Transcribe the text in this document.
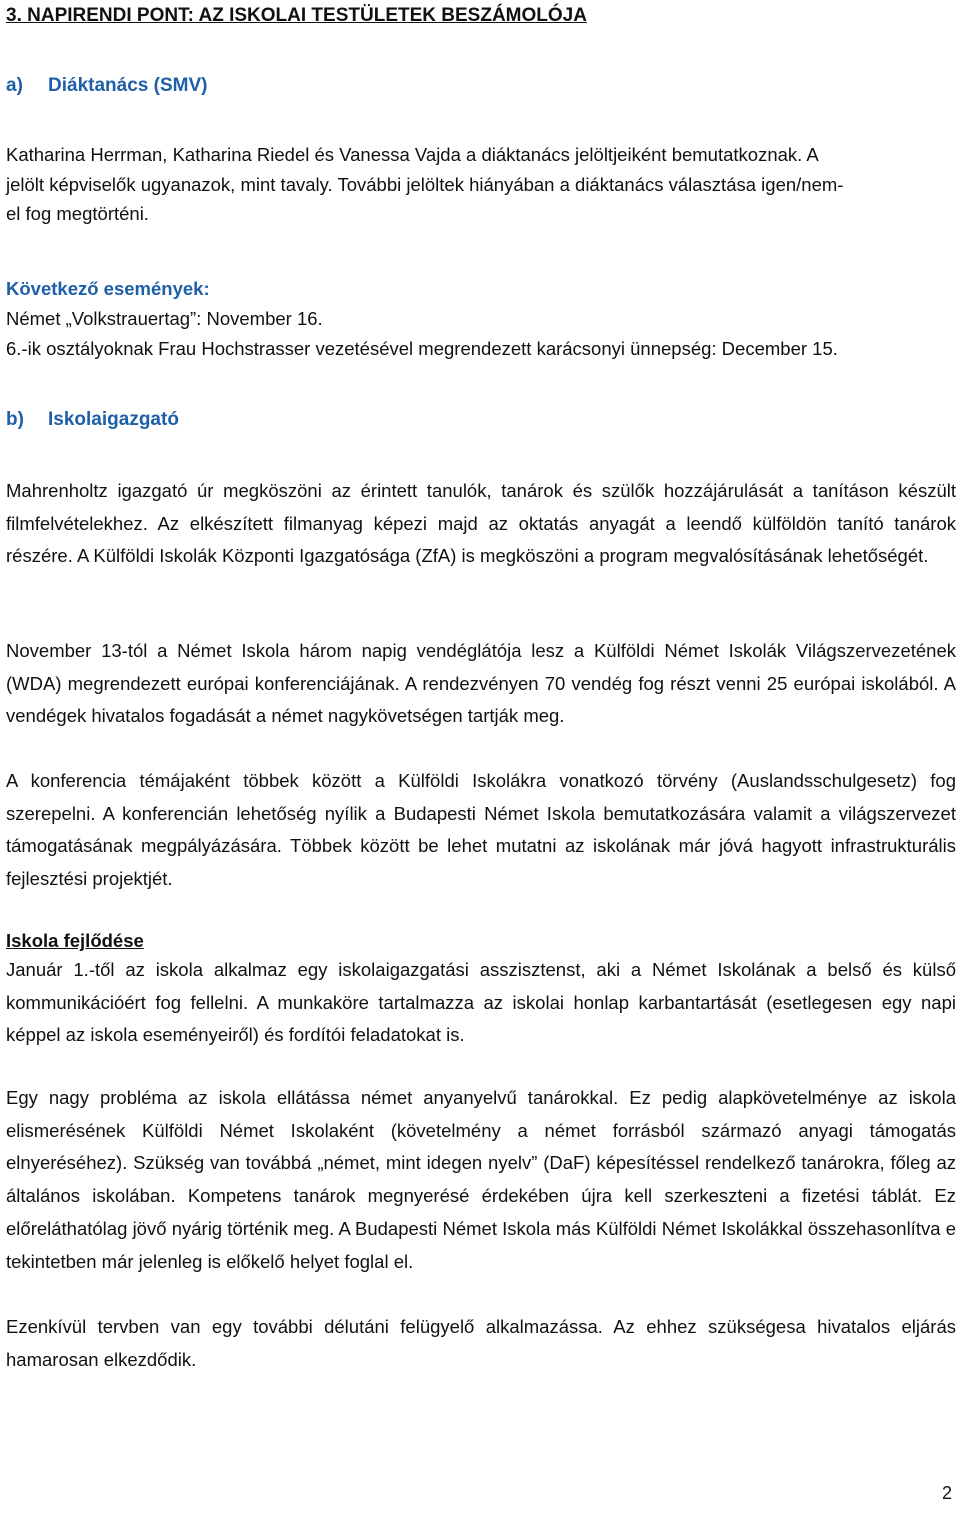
3. NAPIRENDI PONT: AZ ISKOLAI TESTÜLETEK BESZÁMOLÓJA
a) Diáktanács (SMV)
Katharina Herrman, Katharina Riedel és Vanessa Vajda a diáktanács jelöltjeiként bemutatkoznak. A
jelölt képviselők ugyanazok, mint tavaly. További jelöltek hiányában a diáktanács választása igen/nem-
el fog megtörténi.
Következő események:
Német „Volkstrauertag”: November 16.
6.-ik osztályoknak Frau Hochstrasser vezetésével megrendezett karácsonyi ünnepség: December 15.
b) Iskolaigazgató
Mahrenholtz igazgató úr megköszöni az érintett tanulók, tanárok és szülők hozzájárulását a tanításon készült filmfelvételekhez. Az elkészített filmanyag képezi majd az oktatás anyagát a leendő külföldön tanító tanárok részére. A Külföldi Iskolák Központi Igazgatósága (ZfA) is megköszöni a program megvalósításának lehetőségét.
November 13-tól a Német Iskola három napig vendéglátója lesz a Külföldi Német Iskolák Világszervezetének (WDA) megrendezett európai konferenciájának. A rendezvényen 70 vendég fog részt venni 25 európai iskolából. A vendégek hivatalos fogadását a német nagykövetségen tartják meg.
A konferencia témájaként többek között a Külföldi Iskolákra vonatkozó törvény (Auslandsschulgesetz) fog szerepelni. A konferencián lehetőség nyílik a Budapesti Német Iskola bemutatkozására valamit a világszervezet támogatásának megpályázására. Többek között be lehet mutatni az iskolának már jóvá hagyott infrastrukturális fejlesztési projektjét.
Iskola fejlődése
Január 1.-től az iskola alkalmaz egy iskolaigazgatási asszisztenst, aki a Német Iskolának a belső és külső kommunikációért fog fellelni. A munkaköre tartalmazza az iskolai honlap karbantartását (esetlegesen egy napi képpel az iskola eseményeiről) és fordítói feladatokat is.
Egy nagy probléma az iskola ellátássa német anyanyelvű tanárokkal. Ez pedig alapkövetelménye az iskola elismerésének Külföldi Német Iskolaként (követelmény a német forrásból származó anyagi támogatás elnyeréséhez). Szükség van továbbá „német, mint idegen nyelv” (DaF) képesítéssel rendelkező tanárokra, főleg az általános iskolában. Kompetens tanárok megnyerésé érdekében újra kell szerkeszteni a fizetési táblát. Ez előreláthatólag jövő nyárig történik meg. A Budapesti Német Iskola más Külföldi Német Iskolákkal összehasonlítva e tekintetben már jelenleg is előkelő helyet foglal el.
Ezenkívül tervben van egy további délutáni felügyelő alkalmazássa. Az ehhez szükségesa hivatalos eljárás hamarosan elkezdődik.
2
